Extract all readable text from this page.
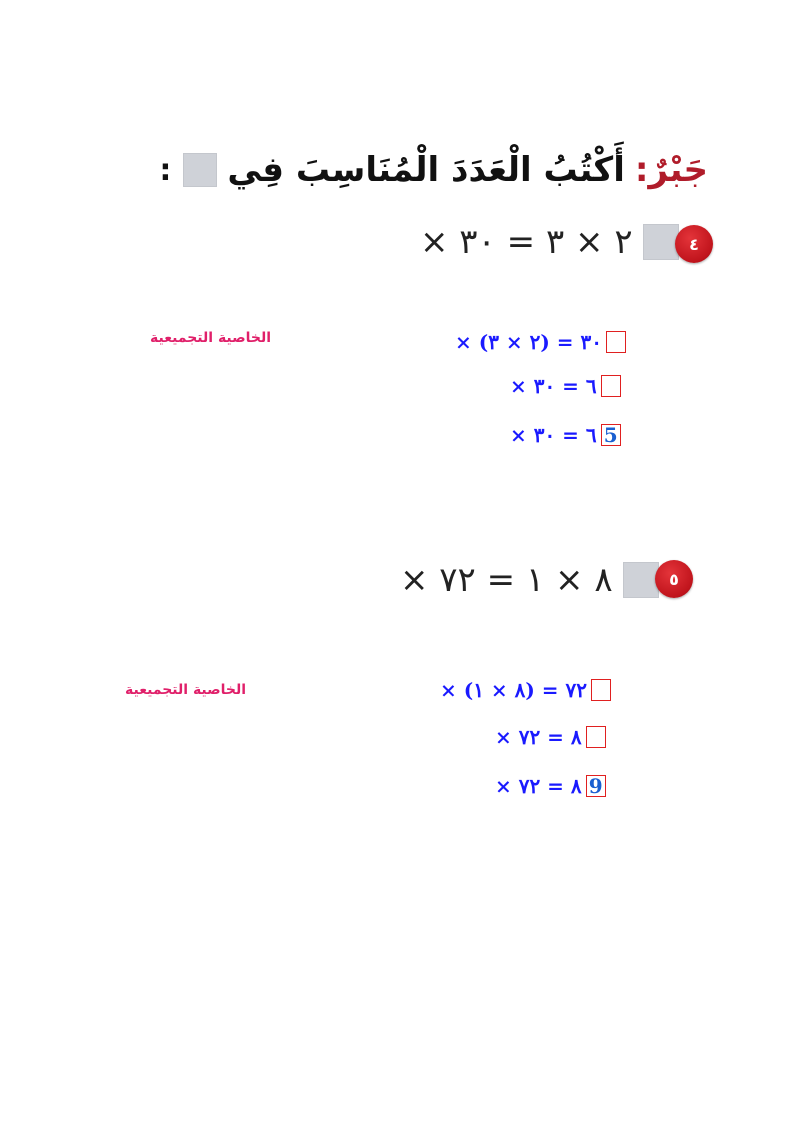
جَبْرٌ:
أَكْتُبُ الْعَدَدَ الْمُنَاسِبَ فِي
:
× ٢ × ٣ = ٣٠	٤
الخاصية التجميعية	× (٢ × ٣) = ٣٠
× ٦ = ٣٠
× ٦ = ٣٠ 5
× ٨ × ١ = ٧٢	٥
الخاصية التجميعية	× (٨ × ١) = ٧٢
× ٨ = ٧٢
× ٨ = ٧٢ 9
